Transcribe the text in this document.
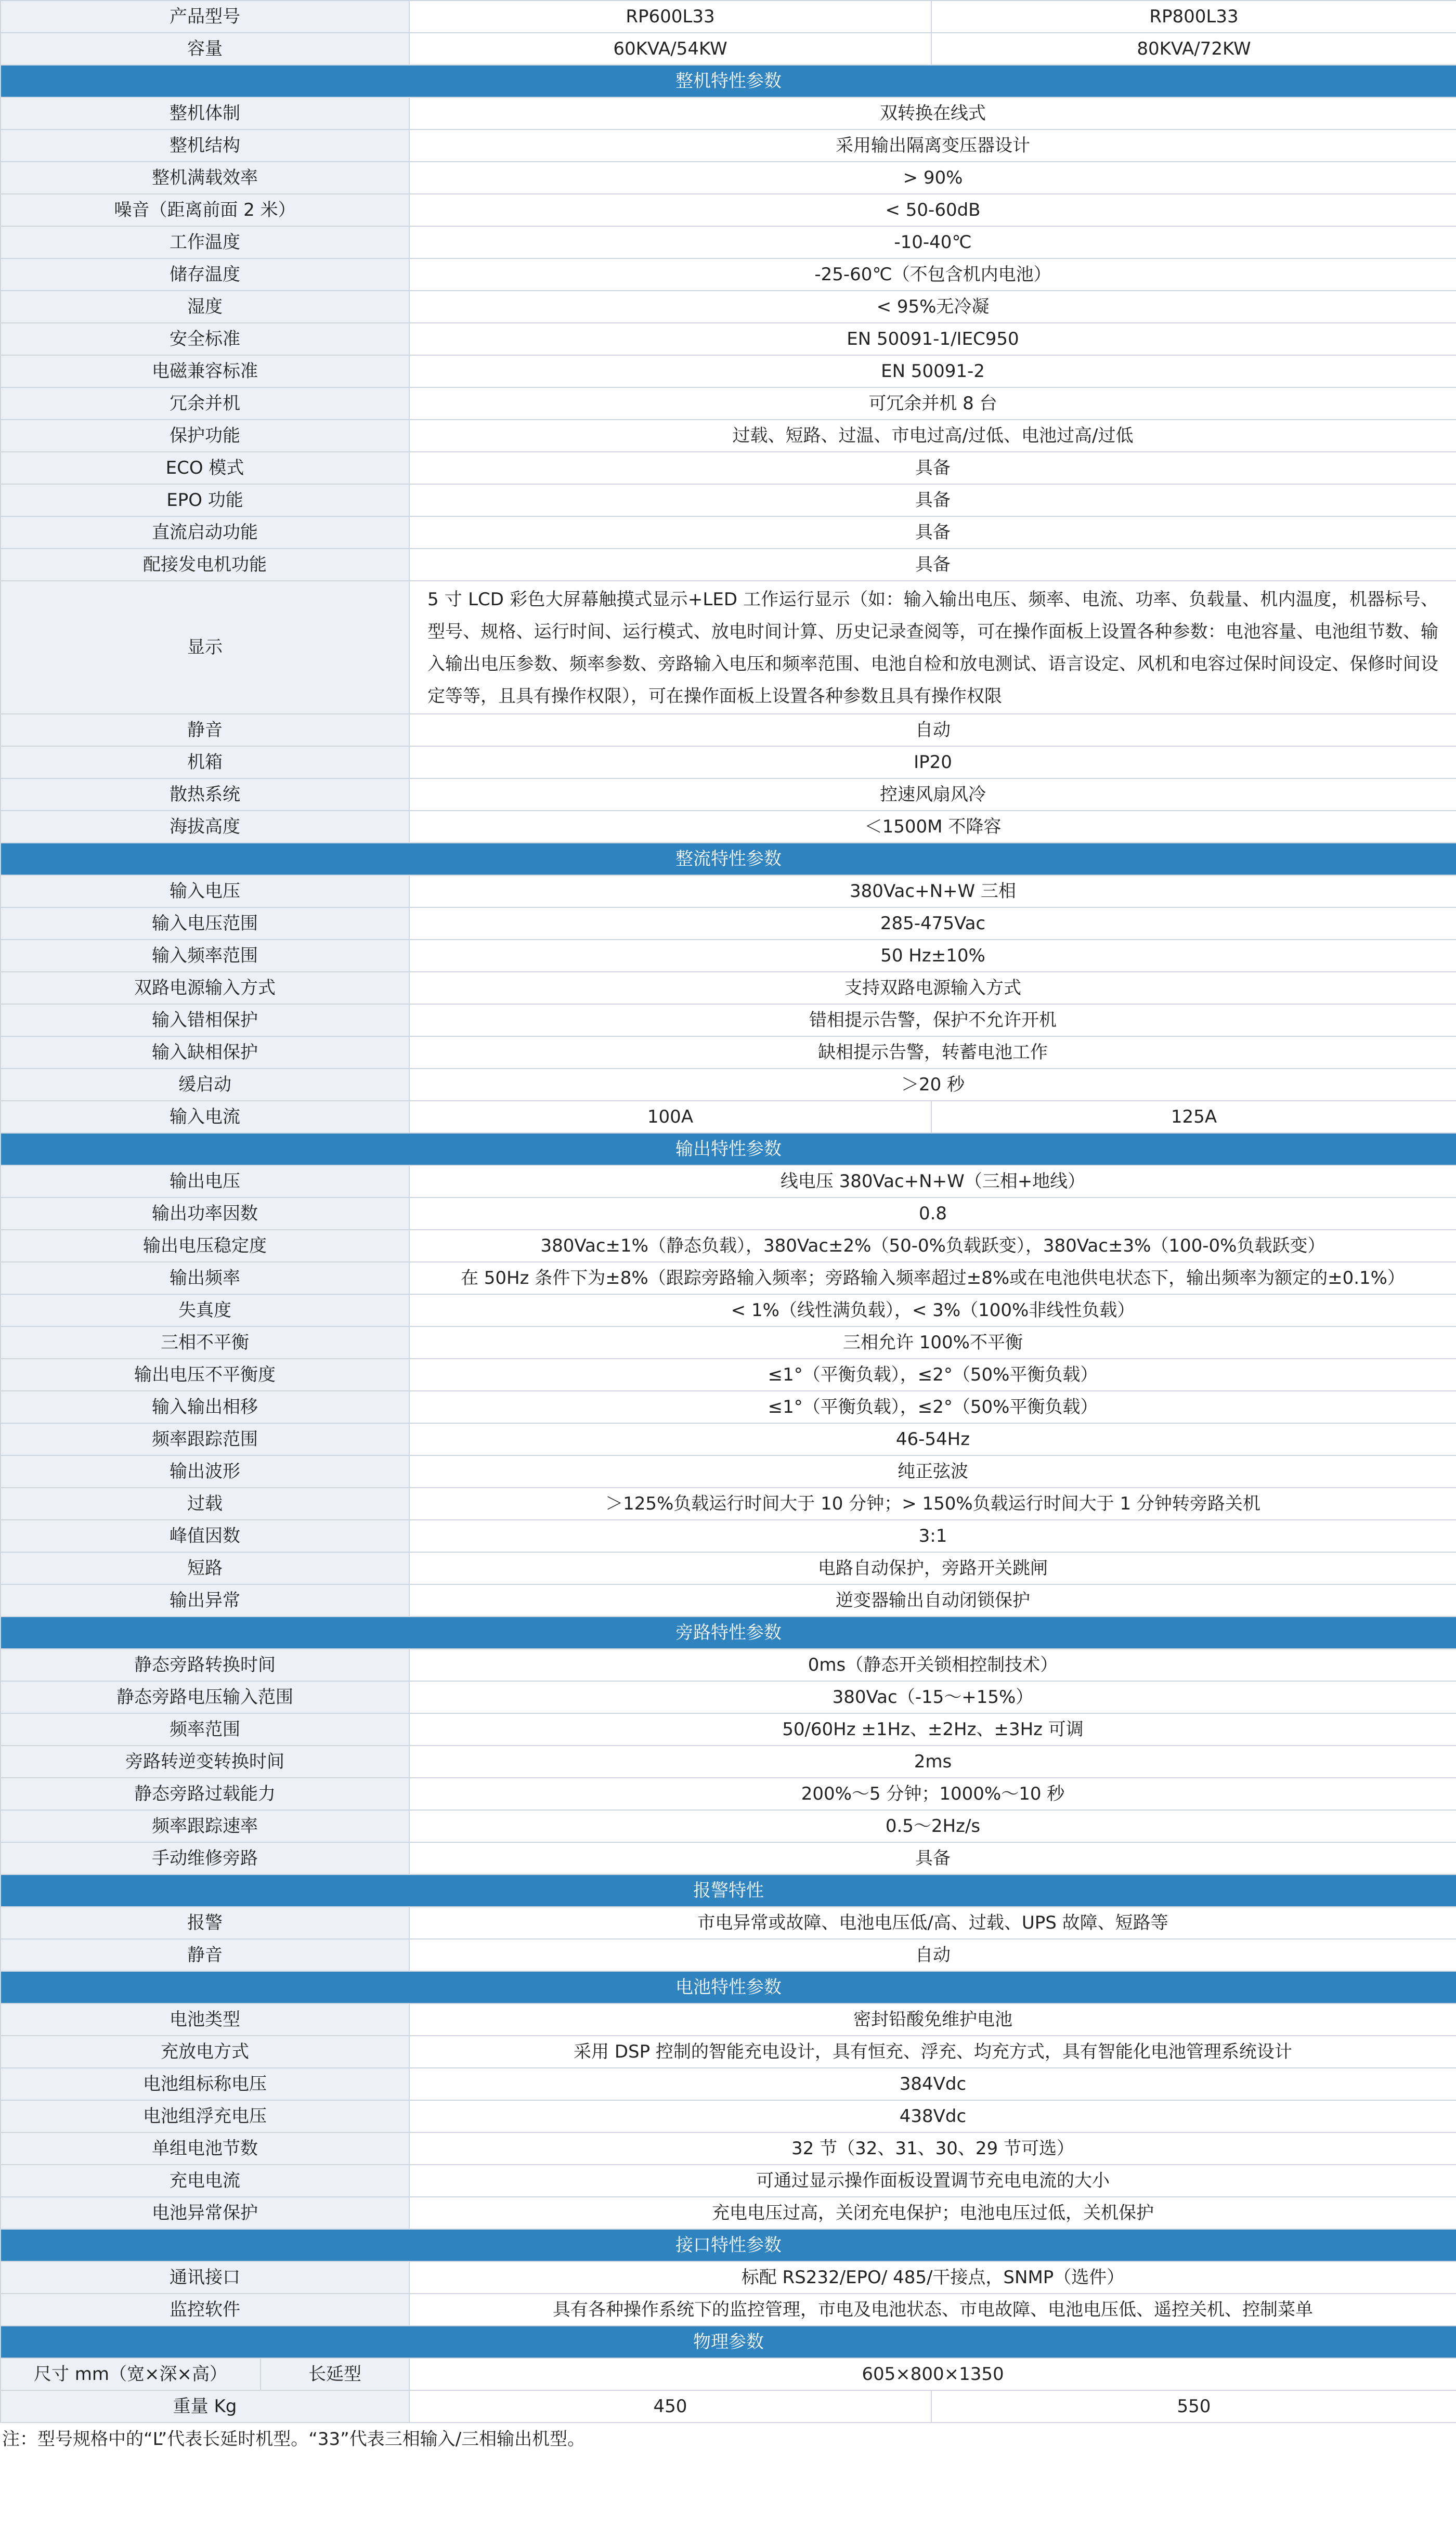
产品型号		RP600L33	RP800L33
容量		60KVA/54KW	80KVA/72KW
整机特性参数			
整机体制		双转换在线式	
整机结构		采用输出隔离变压器设计	
整机满载效率		> 90%	
噪音（距离前面 2 米）		< 50-60dB	
工作温度		-10-40℃	
储存温度		-25-60℃（不包含机内电池）	
湿度		< 95%无冷凝	
安全标准		EN 50091-1/IEC950	
电磁兼容标准		EN 50091-2	
冗余并机		可冗余并机 8 台	
保护功能		过载、短路、过温、市电过高/过低、电池过高/过低	
ECO 模式		具备	
EPO 功能		具备	
直流启动功能		具备	
配接发电机功能		具备	
显示		5 寸 LCD 彩色大屏幕触摸式显示+LED 工作运行显示（如：输入输出电压、频率、电流、功率、负载量、机内温度，机器标号、型号、规格、运行时间、运行模式、放电时间计算、历史记录查阅等，可在操作面板上设置各种参数：电池容量、电池组节数、输入输出电压参数、频率参数、旁路输入电压和频率范围、电池自检和放电测试、语言设定、风机和电容过保时间设定、保修时间设定等等，且具有操作权限），可在操作面板上设置各种参数且具有操作权限	
静音		自动	
机箱		IP20	
散热系统		控速风扇风冷	
海拔高度		＜1500M 不降容	
整流特性参数			
输入电压		380Vac+N+W 三相	
输入电压范围		285-475Vac	
输入频率范围		50 Hz±10%	
双路电源输入方式		支持双路电源输入方式	
输入错相保护		错相提示告警，保护不允许开机	
输入缺相保护		缺相提示告警，转蓄电池工作	
缓启动		＞20 秒	
输入电流		100A	125A
输出特性参数			
输出电压		线电压 380Vac+N+W（三相+地线）	
输出功率因数		0.8	
输出电压稳定度		380Vac±1%（静态负载），380Vac±2%（50-0%负载跃变），380Vac±3%（100-0%负载跃变）	
输出频率		在 50Hz 条件下为±8%（跟踪旁路输入频率；旁路输入频率超过±8%或在电池供电状态下，输出频率为额定的±0.1%）	
失真度		< 1%（线性满负载），< 3%（100%非线性负载）	
三相不平衡		三相允许 100%不平衡	
输出电压不平衡度		≤1°（平衡负载），≤2°（50%平衡负载）	
输入输出相移		≤1°（平衡负载），≤2°（50%平衡负载）	
频率跟踪范围		46-54Hz	
输出波形		纯正弦波	
过载		＞125%负载运行时间大于 10 分钟；> 150%负载运行时间大于 1 分钟转旁路关机	
峰值因数		3:1	
短路		电路自动保护，旁路开关跳闸	
输出异常		逆变器输出自动闭锁保护	
旁路特性参数			
静态旁路转换时间		0ms（静态开关锁相控制技术）	
静态旁路电压输入范围		380Vac（-15～+15%）	
频率范围		50/60Hz ±1Hz、±2Hz、±3Hz 可调	
旁路转逆变转换时间		2ms	
静态旁路过载能力		200%～5 分钟；1000%～10 秒	
频率跟踪速率		0.5～2Hz/s	
手动维修旁路		具备	
报警特性			
报警		市电异常或故障、电池电压低/高、过载、UPS 故障、短路等	
静音		自动	
电池特性参数			
电池类型		密封铅酸免维护电池	
充放电方式		采用 DSP 控制的智能充电设计，具有恒充、浮充、均充方式，具有智能化电池管理系统设计	
电池组标称电压		384Vdc	
电池组浮充电压		438Vdc	
单组电池节数		32 节（32、31、30、29 节可选）	
充电电流		可通过显示操作面板设置调节充电电流的大小	
电池异常保护		充电电压过高，关闭充电保护；电池电压过低，关机保护	
接口特性参数			
通讯接口		标配 RS232/EPO/ 485/干接点，SNMP（选件）	
监控软件		具有各种操作系统下的监控管理，市电及电池状态、市电故障、电池电压低、遥控关机、控制菜单	
物理参数			
尺寸 mm（宽×深×高）	长延型	605×800×1350	
重量 Kg		450	550
注：型号规格中的“L”代表长延时机型。“33”代表三相输入/三相输出机型。
